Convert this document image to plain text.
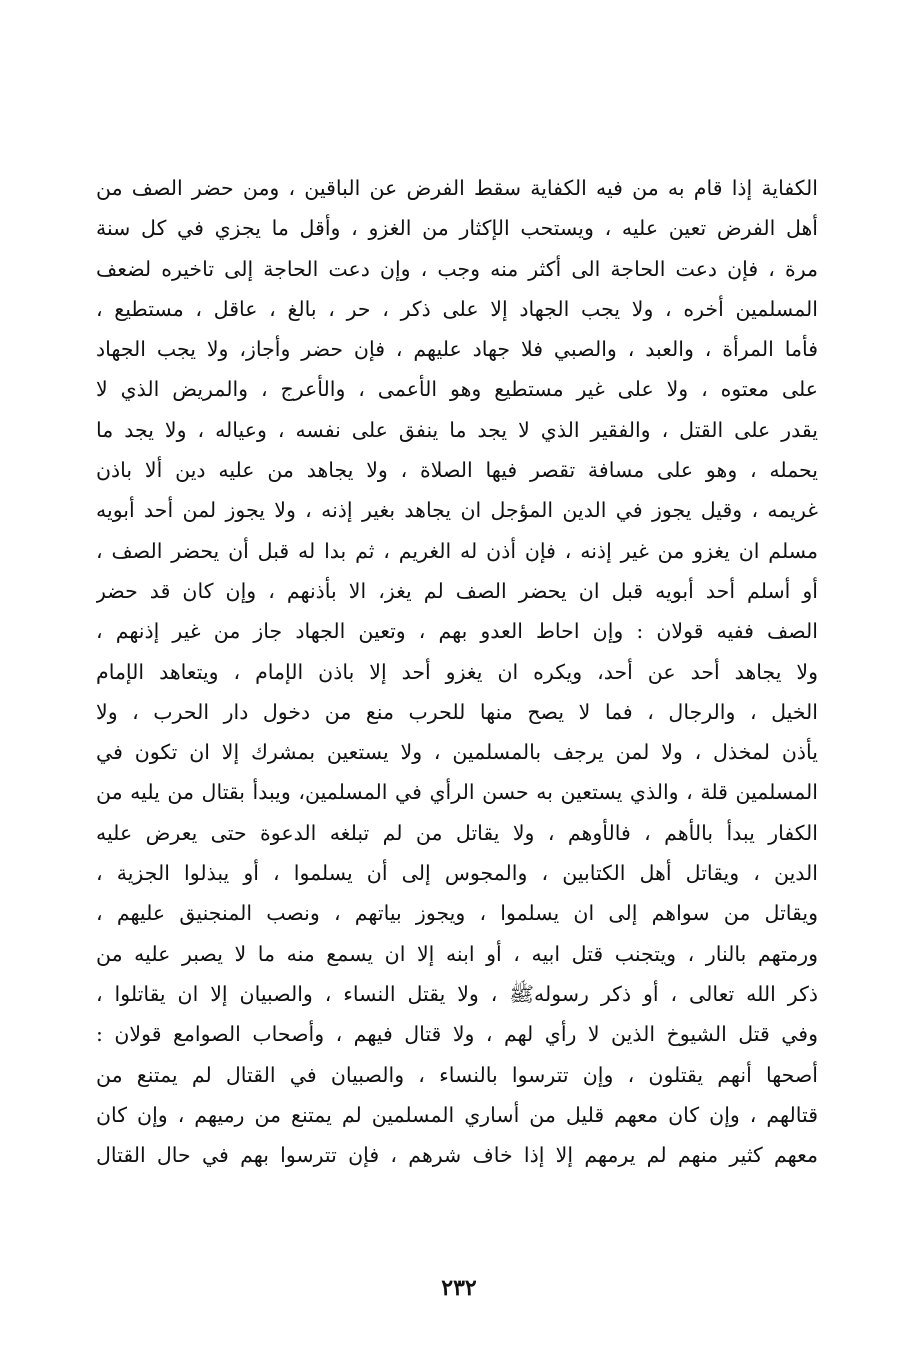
الكفاية إذا قام به من فيه الكفاية سقط الفرض عن الباقين ، ومن حضر الصف من
أهل الفرض تعين عليه ، ويستحب الإكثار من الغزو ، وأقل ما يجزي في كل سنة
مرة ، فإن دعت الحاجة الى أكثر منه وجب ، وإن دعت الحاجة إلى تاخيره لضعف
المسلمين أخره ، ولا يجب الجهاد إلا على ذكر ، حر ، بالغ ، عاقل ، مستطيع ،
فأما المرأة ، والعبد ، والصبي فلا جهاد عليهم ، فإن حضر وأجاز، ولا يجب الجهاد
على معتوه ، ولا على غير مستطيع وهو الأعمى ، والأعرج ، والمريض الذي لا
يقدر على القتل ، والفقير الذي لا يجد ما ينفق على نفسه ، وعياله ، ولا يجد ما
يحمله ، وهو على مسافة تقصر فيها الصلاة ، ولا يجاهد من عليه دين ألا باذن
غريمه ، وقيل يجوز في الدين المؤجل ان يجاهد بغير إذنه ، ولا يجوز لمن أحد أبويه
مسلم ان يغزو من غير إذنه ، فإن أذن له الغريم ، ثم بدا له قبل أن يحضر الصف ،
أو أسلم أحد أبويه قبل ان يحضر الصف لم يغز، الا بأذنهم ، وإن كان قد حضر
الصف ففيه قولان : وإن احاط العدو بهم ، وتعين الجهاد جاز من غير إذنهم ،
ولا يجاهد أحد عن أحد، ويكره ان يغزو أحد إلا باذن الإمام ، ويتعاهد الإمام
الخيل ، والرجال ، فما لا يصح منها للحرب منع من دخول دار الحرب ، ولا
يأذن لمخذل ، ولا لمن يرجف بالمسلمين ، ولا يستعين بمشرك إلا ان تكون في
المسلمين قلة ، والذي يستعين به حسن الرأي في المسلمين، ويبدأ بقتال من يليه من
الكفار يبدأ بالأهم ، فالأوهم ، ولا يقاتل من لم تبلغه الدعوة حتى يعرض عليه
الدين ، ويقاتل أهل الكتابين ، والمجوس إلى أن يسلموا ، أو يبذلوا الجزية ،
ويقاتل من سواهم إلى ان يسلموا ، ويجوز بياتهم ، ونصب المنجنيق عليهم ،
ورمتهم بالنار ، ويتجنب قتل ابيه ، أو ابنه إلا ان يسمع منه ما لا يصبر عليه من
ذكر الله تعالى ، أو ذكر رسولهﷺ ، ولا يقتل النساء ، والصبيان إلا ان يقاتلوا ،
وفي قتل الشيوخ الذين لا رأي لهم ، ولا قتال فيهم ، وأصحاب الصوامع قولان :
أصحها أنهم يقتلون ، وإن تترسوا بالنساء ، والصبيان في القتال لم يمتنع من
قتالهم ، وإن كان معهم قليل من أساري المسلمين لم يمتنع من رميهم ، وإن كان
معهم كثير منهم لم يرمهم إلا إذا خاف شرهم ، فإن تترسوا بهم في حال القتال
٢٣٢
